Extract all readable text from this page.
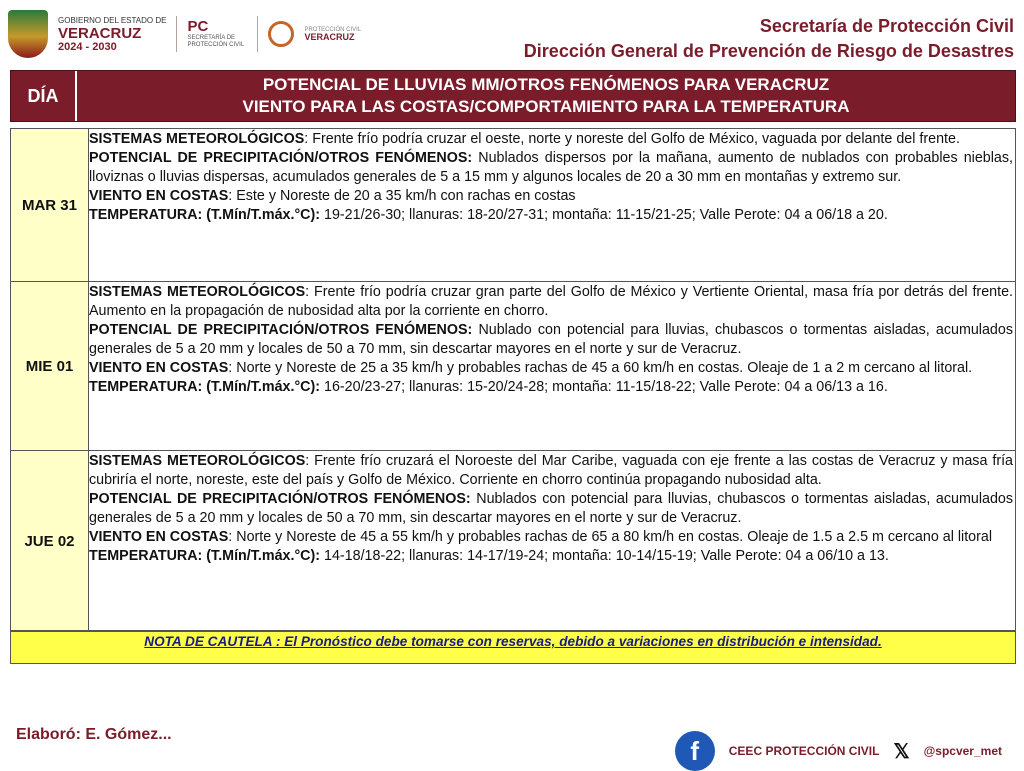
GOBIERNO DEL ESTADO DE
VERACRUZ
2024 - 2030
PC
SECRETARÍA DE PROTECCIÓN CIVIL
PROTECCIÓN CIVIL
VERACRUZ
Secretaría de Protección Civil
Dirección General de Prevención de Riesgo de Desastres
DÍA
POTENCIAL DE LLUVIAS MM/OTROS FENÓMENOS PARA VERACRUZ
VIENTO PARA LAS COSTAS/COMPORTAMIENTO PARA LA TEMPERATURA
MAR 31

SISTEMAS METEOROLÓGICOS: Frente frío podría cruzar el oeste, norte y noreste del Golfo de México, vaguada por delante del frente.

POTENCIAL DE PRECIPITACIÓN/OTROS FENÓMENOS: Nublados dispersos por la mañana, aumento de nublados con probables nieblas, lloviznas o lluvias dispersas, acumulados generales de 5 a 15 mm y algunos locales de 20 a 30 mm en montañas y extremo sur.

VIENTO EN COSTAS: Este y Noreste de 20 a 35 km/h con rachas en costas

TEMPERATURA: (T.Mín/T.máx.°C): 19-21/26-30; llanuras: 18-20/27-31; montaña: 11-15/21-25; Valle Perote: 04 a 06/18 a 20.

MIE 01

SISTEMAS METEOROLÓGICOS: Frente frío podría cruzar gran parte del Golfo de México y Vertiente Oriental, masa fría por detrás del frente. Aumento en la propagación de nubosidad alta por la corriente en chorro.

POTENCIAL DE PRECIPITACIÓN/OTROS FENÓMENOS: Nublado con potencial para lluvias, chubascos o tormentas aisladas, acumulados generales de 5 a 20 mm y locales de 50 a 70 mm, sin descartar mayores en el norte y sur de Veracruz.

VIENTO EN COSTAS: Norte y Noreste de 25 a 35 km/h y probables rachas de 45 a 60 km/h en costas. Oleaje de 1 a 2 m cercano al litoral.

TEMPERATURA: (T.Mín/T.máx.°C): 16-20/23-27; llanuras: 15-20/24-28; montaña: 11-15/18-22; Valle Perote: 04 a 06/13 a 16.

JUE 02

SISTEMAS METEOROLÓGICOS: Frente frío cruzará el Noroeste del Mar Caribe, vaguada con eje frente a las costas de Veracruz y masa fría cubriría el norte, noreste, este del país y Golfo de México. Corriente en chorro continúa propagando nubosidad alta.

POTENCIAL DE PRECIPITACIÓN/OTROS FENÓMENOS: Nublados con potencial para lluvias, chubascos o tormentas aisladas, acumulados generales de 5 a 20 mm y locales de 50 a 70 mm, sin descartar mayores en el norte y sur de Veracruz.

VIENTO EN COSTAS: Norte y Noreste de 45 a 55 km/h y probables rachas de 65 a 80 km/h en costas. Oleaje de 1.5 a 2.5 m cercano al litoral

TEMPERATURA: (T.Mín/T.máx.°C): 14-18/18-22; llanuras: 14-17/19-24; montaña: 10-14/15-19; Valle Perote: 04 a 06/10 a 13.

NOTA DE CAUTELA : El Pronóstico debe tomarse con reservas, debido a variaciones en distribución e intensidad.
Elaboró: E. Gómez...
f	CEEC PROTECCIÓN CIVIL 𝕏 @spcver_met
